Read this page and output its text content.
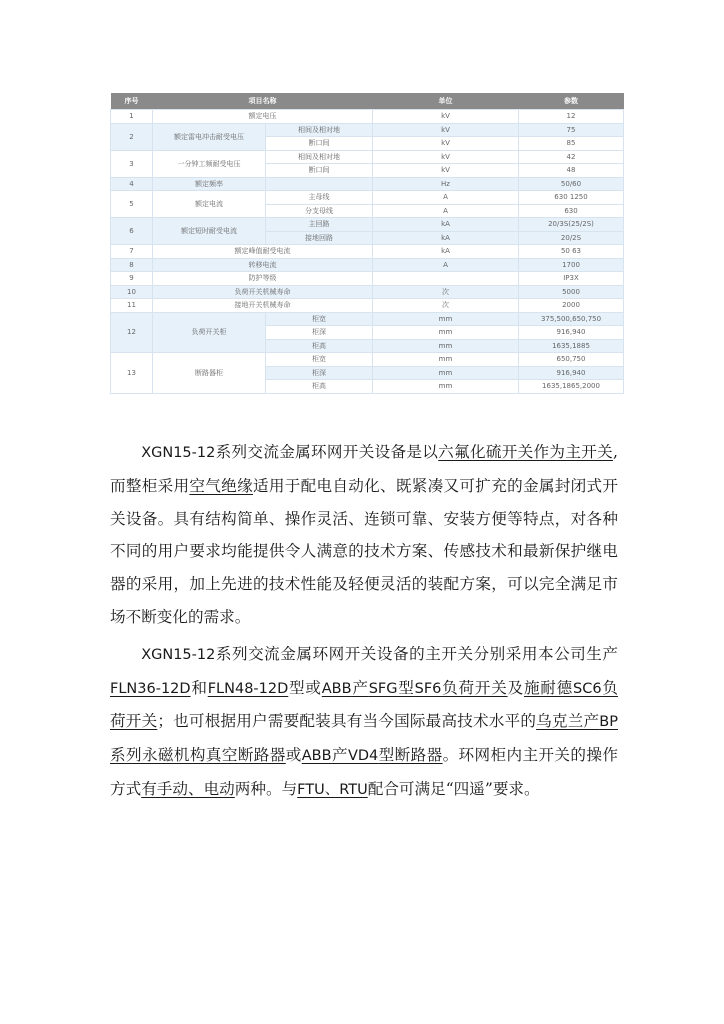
序号	项目名称		单位	参数
1	额定电压		kV	12
2	额定雷电冲击耐受电压	相间及相对地	kV	75
		断口间	kV	85
3	一分钟工频耐受电压	相间及相对地	kV	42
		断口间	kV	48
4	额定频率		Hz	50/60
5	额定电流	主母线	A	630 1250
		分支母线	A	630
6	额定短时耐受电流	主回路	kA	20/3S(25/2S)
		接地回路	kA	20/2S
7	额定峰值耐受电流		kA	50 63
8	转移电流		A	1700
9	防护等级			IP3X
10	负荷开关机械寿命		次	5000
11	接地开关机械寿命		次	2000
12	负荷开关柜	柜宽	mm	375,500,650,750
		柜深	mm	916,940
		柜高	mm	1635,1885
13	断路器柜	柜宽	mm	650,750
		柜深	mm	916,940
		柜高	mm	1635,1865,2000

XGN15-12系列交流金属环网开关设备是以六氟化硫开关作为主开关,而整柜采用空气绝缘适用于配电自动化、既紧凑又可扩充的金属封闭式开关设备。具有结构简单、操作灵活、连锁可靠、安装方便等特点，对各种不同的用户要求均能提供令人满意的技术方案、传感技术和最新保护继电器的采用，加上先进的技术性能及轻便灵活的装配方案，可以完全满足市场不断变化的需求。

XGN15-12系列交流金属环网开关设备的主开关分别采用本公司生产FLN36-12D和FLN48-12D型或ABB产SFG型SF6负荷开关及施耐德SC6负荷开关；也可根据用户需要配装具有当今国际最高技术水平的乌克兰产BP系列永磁机构真空断路器或ABB产VD4型断路器。环网柜内主开关的操作方式有手动、电动两种。与FTU、RTU配合可满足“四遥”要求。
